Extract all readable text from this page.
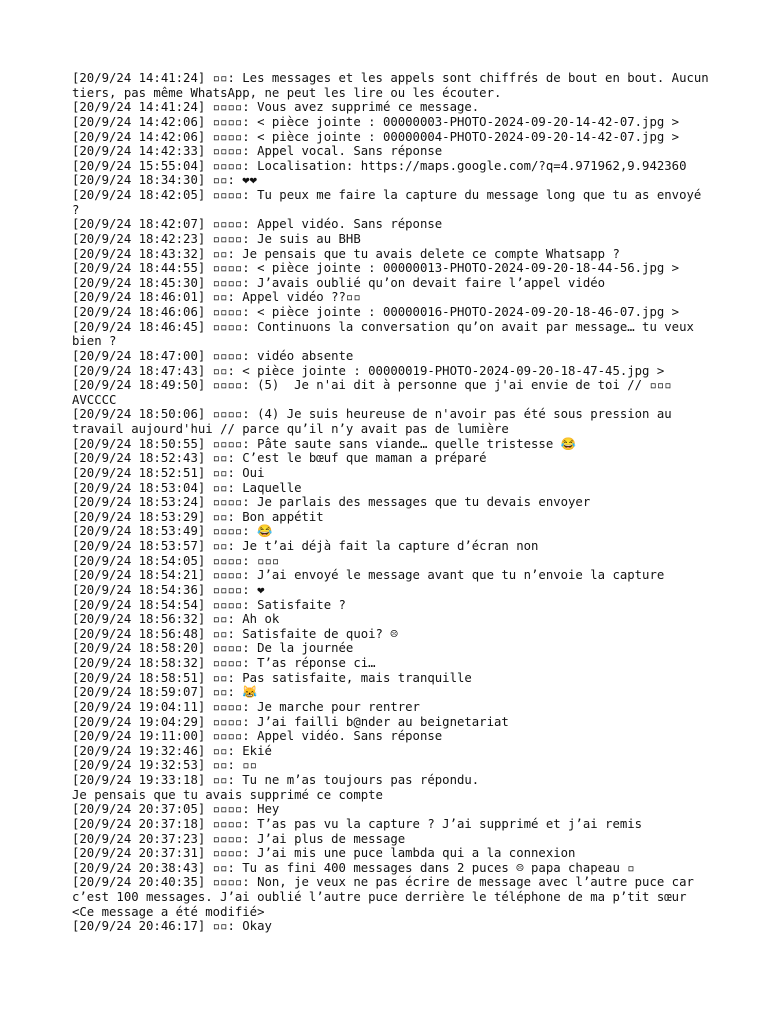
[20/9/24 14:41:24] ▫▫: Les messages et les appels sont chiffrés de bout en bout. Aucun tiers, pas même WhatsApp, ne peut les lire ou les écouter.
[20/9/24 14:41:24] ▫▫▫▫: Vous avez supprimé ce message.
[20/9/24 14:42:06] ▫▫▫▫: < pièce jointe : 00000003-PHOTO-2024-09-20-14-42-07.jpg >
[20/9/24 14:42:06] ▫▫▫▫: < pièce jointe : 00000004-PHOTO-2024-09-20-14-42-07.jpg >
[20/9/24 14:42:33] ▫▫▫▫: Appel vocal. Sans réponse
[20/9/24 15:55:04] ▫▫▫▫: Localisation: https://maps.google.com/?q=4.971962,9.942360
[20/9/24 18:34:30] ▫▫: ❤❤
[20/9/24 18:42:05] ▫▫▫▫: Tu peux me faire la capture du message long que tu as envoyé ?
[20/9/24 18:42:07] ▫▫▫▫: Appel vidéo. Sans réponse
[20/9/24 18:42:23] ▫▫▫▫: Je suis au BHB
[20/9/24 18:43:32] ▫▫: Je pensais que tu avais delete ce compte Whatsapp ?
[20/9/24 18:44:55] ▫▫▫▫: < pièce jointe : 00000013-PHOTO-2024-09-20-18-44-56.jpg >
[20/9/24 18:45:30] ▫▫▫▫: J’avais oublié qu’on devait faire l’appel vidéo
[20/9/24 18:46:01] ▫▫: Appel vidéo ??▫▫
[20/9/24 18:46:06] ▫▫▫▫: < pièce jointe : 00000016-PHOTO-2024-09-20-18-46-07.jpg >
[20/9/24 18:46:45] ▫▫▫▫: Continuons la conversation qu’on avait par message… tu veux bien ?
[20/9/24 18:47:00] ▫▫▫▫: vidéo absente
[20/9/24 18:47:43] ▫▫: < pièce jointe : 00000019-PHOTO-2024-09-20-18-47-45.jpg >
[20/9/24 18:49:50] ▫▫▫▫: (5)  Je n'ai dit à personne que j'ai envie de toi // ▫▫▫ AVCCCC
[20/9/24 18:50:06] ▫▫▫▫: (4) Je suis heureuse de n'avoir pas été sous pression au travail aujourd'hui // parce qu’il n’y avait pas de lumière
[20/9/24 18:50:55] ▫▫▫▫: Pâte saute sans viande… quelle tristesse 😂
[20/9/24 18:52:43] ▫▫: C’est le bœuf que maman a préparé
[20/9/24 18:52:51] ▫▫: Oui
[20/9/24 18:53:04] ▫▫: Laquelle
[20/9/24 18:53:24] ▫▫▫▫: Je parlais des messages que tu devais envoyer
[20/9/24 18:53:29] ▫▫: Bon appétit
[20/9/24 18:53:49] ▫▫▫▫: 😂
[20/9/24 18:53:57] ▫▫: Je t’ai déjà fait la capture d’écran non
[20/9/24 18:54:05] ▫▫▫▫: ▫▫▫
[20/9/24 18:54:21] ▫▫▫▫: J’ai envoyé le message avant que tu n’envoie la capture
[20/9/24 18:54:36] ▫▫▫▫: ❤
[20/9/24 18:54:54] ▫▫▫▫: Satisfaite ?
[20/9/24 18:56:32] ▫▫: Ah ok
[20/9/24 18:56:48] ▫▫: Satisfaite de quoi? ☹
[20/9/24 18:58:20] ▫▫▫▫: De la journée
[20/9/24 18:58:32] ▫▫▫▫: T’as réponse ci…
[20/9/24 18:58:51] ▫▫: Pas satisfaite, mais tranquille
[20/9/24 18:59:07] ▫▫: 😹
[20/9/24 19:04:11] ▫▫▫▫: Je marche pour rentrer
[20/9/24 19:04:29] ▫▫▫▫: J’ai failli b@nder au beignetariat
[20/9/24 19:11:00] ▫▫▫▫: Appel vidéo. Sans réponse
[20/9/24 19:32:46] ▫▫: Ekié
[20/9/24 19:32:53] ▫▫: ▫▫
[20/9/24 19:33:18] ▫▫: Tu ne m’as toujours pas répondu.
Je pensais que tu avais supprimé ce compte
[20/9/24 20:37:05] ▫▫▫▫: Hey
[20/9/24 20:37:18] ▫▫▫▫: T’as pas vu la capture ? J’ai supprimé et j’ai remis
[20/9/24 20:37:23] ▫▫▫▫: J’ai plus de message
[20/9/24 20:37:31] ▫▫▫▫: J’ai mis une puce lambda qui a la connexion
[20/9/24 20:38:43] ▫▫: Tu as fini 400 messages dans 2 puces ☹ papa chapeau ▫
[20/9/24 20:40:35] ▫▫▫▫: Non, je veux ne pas écrire de message avec l’autre puce car c’est 100 messages. J’ai oublié l’autre puce derrière le téléphone de ma p’tit sœur <Ce message a été modifié>
[20/9/24 20:46:17] ▫▫: Okay
